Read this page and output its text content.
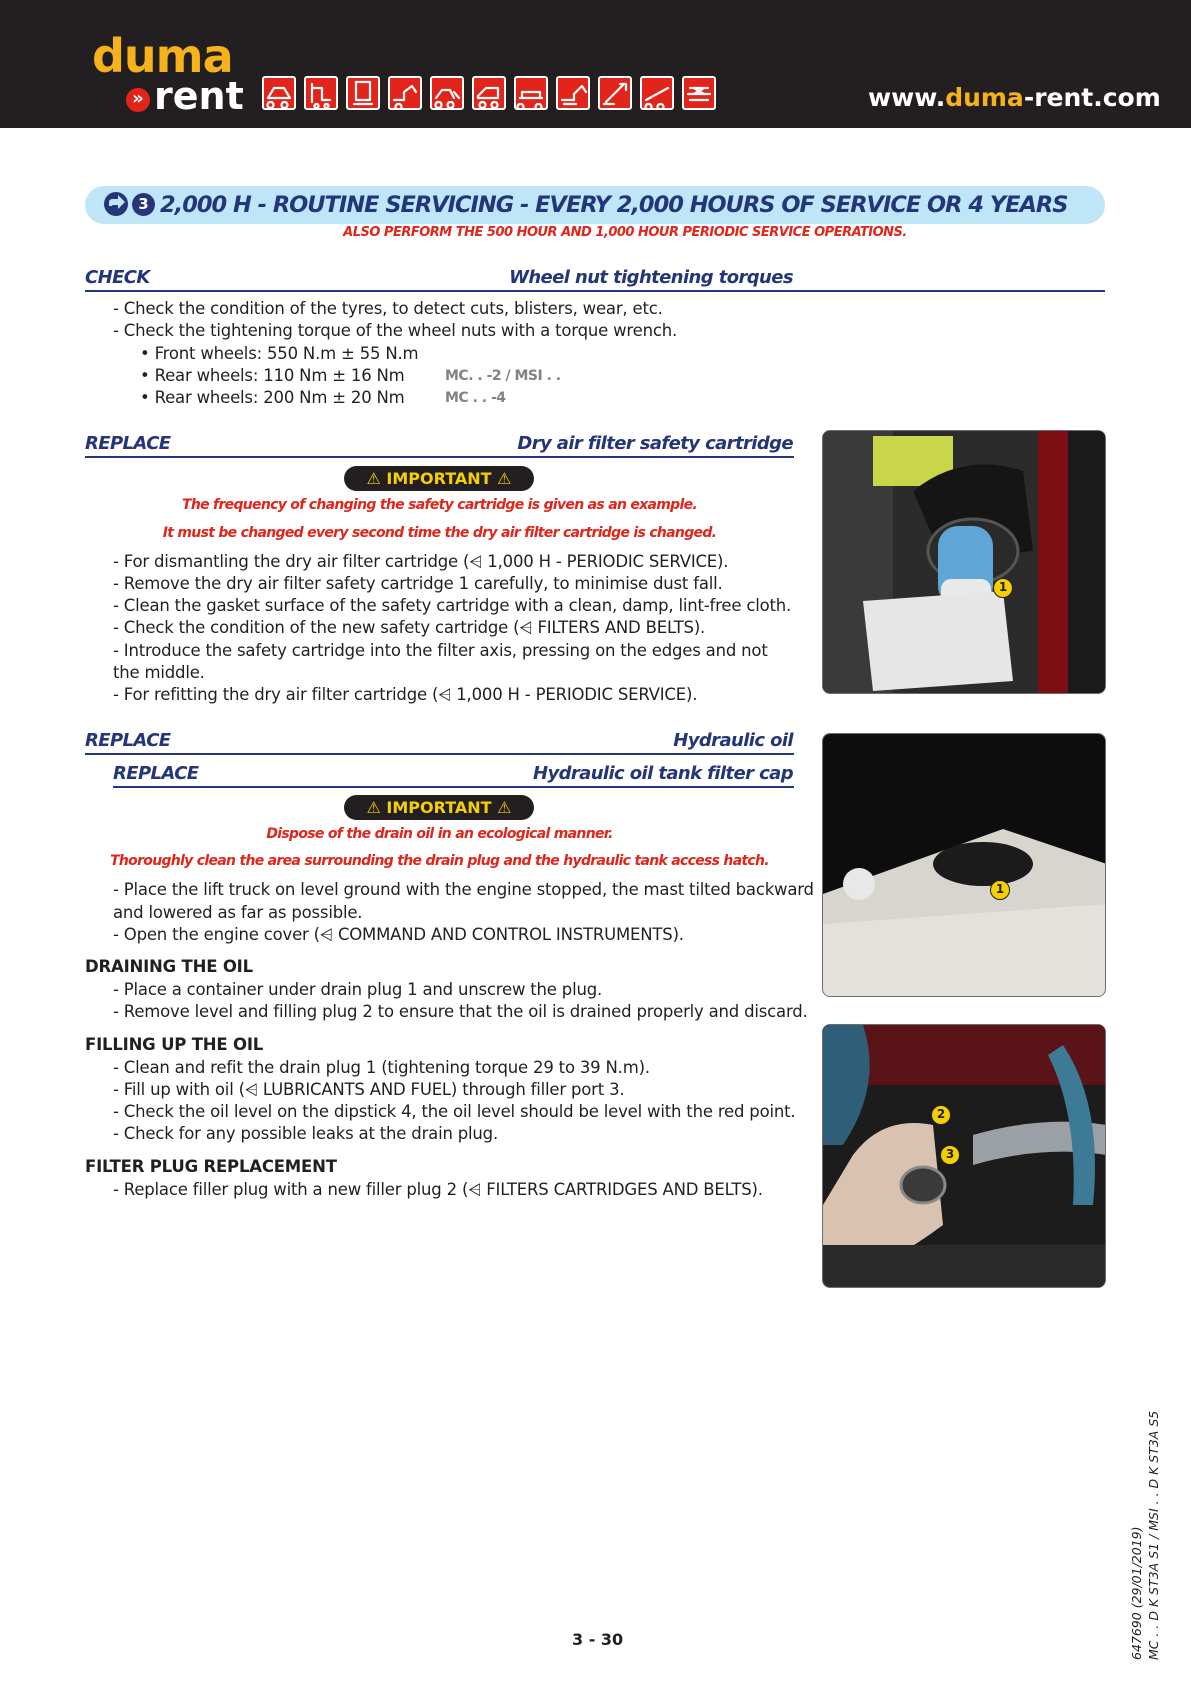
duma
» rent	www.duma-rent.com
3 2,000 H - ROUTINE SERVICING - EVERY 2,000 HOURS OF SERVICE OR 4 YEARS
ALSO PERFORM THE 500 HOUR AND 1,000 HOUR PERIODIC SERVICE OPERATIONS.
CHECK	Wheel nut tightening torques
- Check the condition of the tyres, to detect cuts, blisters, wear, etc.
- Check the tightening torque of the wheel nuts with a torque wrench.
• Front wheels: 550 N.m ± 55 N.m
• Rear wheels: 110 Nm ± 16 Nm	MC. . -2 / MSI . .
• Rear wheels: 200 Nm ± 20 Nm	MC . . -4
REPLACE	Dry air filter safety cartridge
⚠ IMPORTANT ⚠
The frequency of changing the safety cartridge is given as an example.
It must be changed every second time the dry air filter cartridge is changed.
- For dismantling the dry air filter cartridge (⩤ 1,000 H - PERIODIC SERVICE).
- Remove the dry air filter safety cartridge 1 carefully, to minimise dust fall.
- Clean the gasket surface of the safety cartridge with a clean, damp, lint-free cloth.
- Check the condition of the new safety cartridge (⩤ FILTERS AND BELTS).
- Introduce the safety cartridge into the filter axis, pressing on the edges and not
the middle.
- For refitting the dry air filter cartridge (⩤ 1,000 H - PERIODIC SERVICE).
1
REPLACE	Hydraulic oil
REPLACE	Hydraulic oil tank filter cap
⚠ IMPORTANT ⚠
Dispose of the drain oil in an ecological manner.
Thoroughly clean the area surrounding the drain plug and the hydraulic tank access hatch.
- Place the lift truck on level ground with the engine stopped, the mast tilted backward
and lowered as far as possible.
- Open the engine cover (⩤ COMMAND AND CONTROL INSTRUMENTS).
1
DRAINING THE OIL
- Place a container under drain plug 1 and unscrew the plug.
- Remove level and filling plug 2 to ensure that the oil is drained properly and discard.
FILLING UP THE OIL
- Clean and refit the drain plug 1 (tightening torque 29 to 39 N.m).
- Fill up with oil (⩤ LUBRICANTS AND FUEL) through filler port 3.
- Check the oil level on the dipstick 4, the oil level should be level with the red point.
- Check for any possible leaks at the drain plug.
FILTER PLUG REPLACEMENT
- Replace filler plug with a new filler plug 2 (⩤ FILTERS CARTRIDGES AND BELTS).
2
3
3 - 30	647690 (29/01/2019) MC . . D K ST3A S1 / MSI . . D K ST3A S5
